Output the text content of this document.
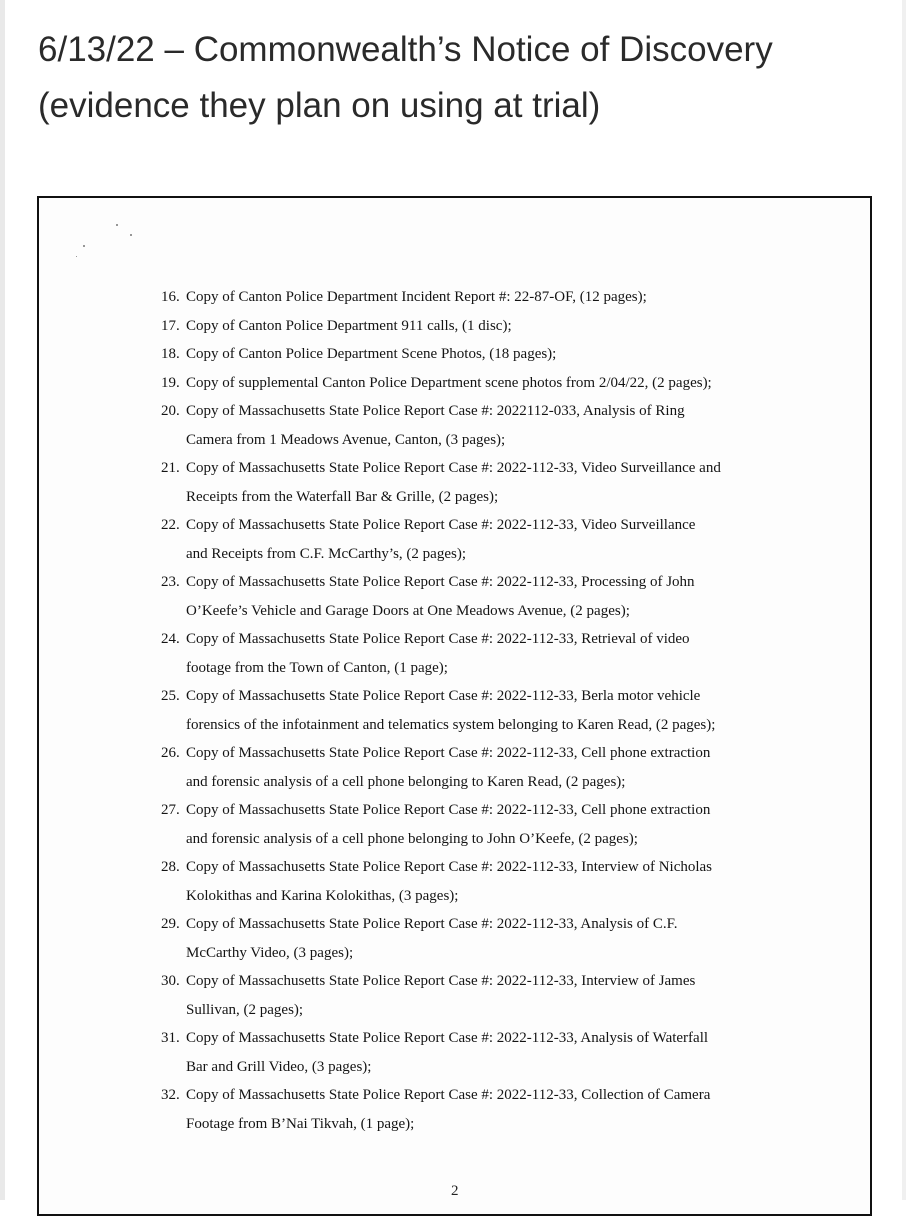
6/13/22 – Commonwealth’s Notice of Discovery
(evidence they plan on using at trial)
16. Copy of Canton Police Department Incident Report #: 22-87-OF, (12 pages);
17. Copy of Canton Police Department 911 calls, (1 disc);
18. Copy of Canton Police Department Scene Photos, (18 pages);
19. Copy of supplemental Canton Police Department scene photos from 2/04/22, (2 pages);
20. Copy of Massachusetts State Police Report Case #: 2022112-033, Analysis of Ring
Camera from 1 Meadows Avenue, Canton, (3 pages);
21. Copy of Massachusetts State Police Report Case #: 2022-112-33, Video Surveillance and
Receipts from the Waterfall Bar & Grille, (2 pages);
22. Copy of Massachusetts State Police Report Case #: 2022-112-33, Video Surveillance
and Receipts from C.F. McCarthy’s, (2 pages);
23. Copy of Massachusetts State Police Report Case #: 2022-112-33, Processing of John
O’Keefe’s Vehicle and Garage Doors at One Meadows Avenue, (2 pages);
24. Copy of Massachusetts State Police Report Case #: 2022-112-33, Retrieval of video
footage from the Town of Canton, (1 page);
25. Copy of Massachusetts State Police Report Case #: 2022-112-33, Berla motor vehicle
forensics of the infotainment and telematics system belonging to Karen Read, (2 pages);
26. Copy of Massachusetts State Police Report Case #: 2022-112-33, Cell phone extraction
and forensic analysis of a cell phone belonging to Karen Read, (2 pages);
27. Copy of Massachusetts State Police Report Case #: 2022-112-33, Cell phone extraction
and forensic analysis of a cell phone belonging to John O’Keefe, (2 pages);
28. Copy of Massachusetts State Police Report Case #: 2022-112-33, Interview of Nicholas
Kolokithas and Karina Kolokithas, (3 pages);
29. Copy of Massachusetts State Police Report Case #: 2022-112-33, Analysis of C.F.
McCarthy Video, (3 pages);
30. Copy of Massachusetts State Police Report Case #: 2022-112-33, Interview of James
Sullivan, (2 pages);
31. Copy of Massachusetts State Police Report Case #: 2022-112-33, Analysis of Waterfall
Bar and Grill Video, (3 pages);
32. Copy of Massachusetts State Police Report Case #: 2022-112-33, Collection of Camera
Footage from B’Nai Tikvah, (1 page);
2
